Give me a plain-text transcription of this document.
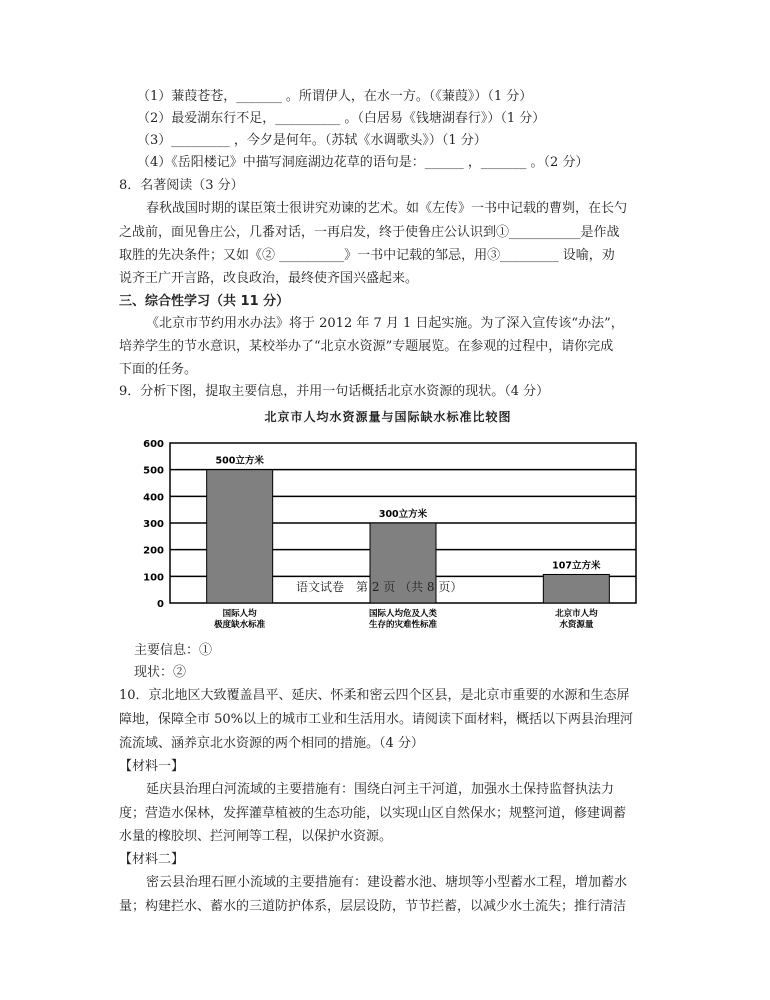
（1）蒹葭苍苍，_______ 。所谓伊人，在水一方。（《蒹葭》）（1 分）
（2）最爱湖东行不足，__________ 。（白居易《钱塘湖春行》）（1 分）
（3）_________ ，今夕是何年。（苏轼《水调歌头》）（1 分）
（4）《岳阳楼记》中描写洞庭湖边花草的语句是：______ ，_______ 。（2 分）
8．名著阅读（3 分）
春秋战国时期的谋臣策士很讲究劝谏的艺术。如《左传》一书中记载的曹刿，在长勺
之战前，面见鲁庄公，几番对话，一再启发，终于使鲁庄公认识到①___________是作战
取胜的先决条件；又如《② __________》一书中记载的邹忌，用③_________ 设喻，劝
说齐王广开言路，改良政治，最终使齐国兴盛起来。
三、综合性学习（共 11 分）
《北京市节约用水办法》将于 2012 年 7 月 1 日起实施。为了深入宣传该“办法”，
培养学生的节水意识，某校举办了“北京水资源”专题展览。在参观的过程中，请你完成
下面的任务。
9．分析下图，提取主要信息，并用一句话概括北京水资源的现状。（4 分）
北京市人均水资源量与国际缺水标准比较图
0
100
200
300
400
500
600
500立方米
国际人均
极度缺水标准
300立方米
国际人均危及人类
生存的灾难性标准
107立方米
北京市人均
水资源量
语文试卷　第 2 页 （共 8 页）
主要信息：①
现状：②
10．京北地区大致覆盖昌平、延庆、怀柔和密云四个区县，是北京市重要的水源和生态屏
障地，保障全市 50%以上的城市工业和生活用水。请阅读下面材料，概括以下两县治理河
流流域、涵养京北水资源的两个相同的措施。（4 分）
【材料一】
延庆县治理白河流域的主要措施有：围绕白河主干河道，加强水土保持监督执法力
度；营造水保林，发挥灌草植被的生态功能，以实现山区自然保水；规整河道，修建调蓄
水量的橡胶坝、拦河闸等工程，以保护水资源。
【材料二】
密云县治理石匣小流域的主要措施有：建设蓄水池、塘坝等小型蓄水工程，增加蓄水
量；构建拦水、蓄水的三道防护体系，层层设防，节节拦蓄，以减少水土流失；推行清洁
